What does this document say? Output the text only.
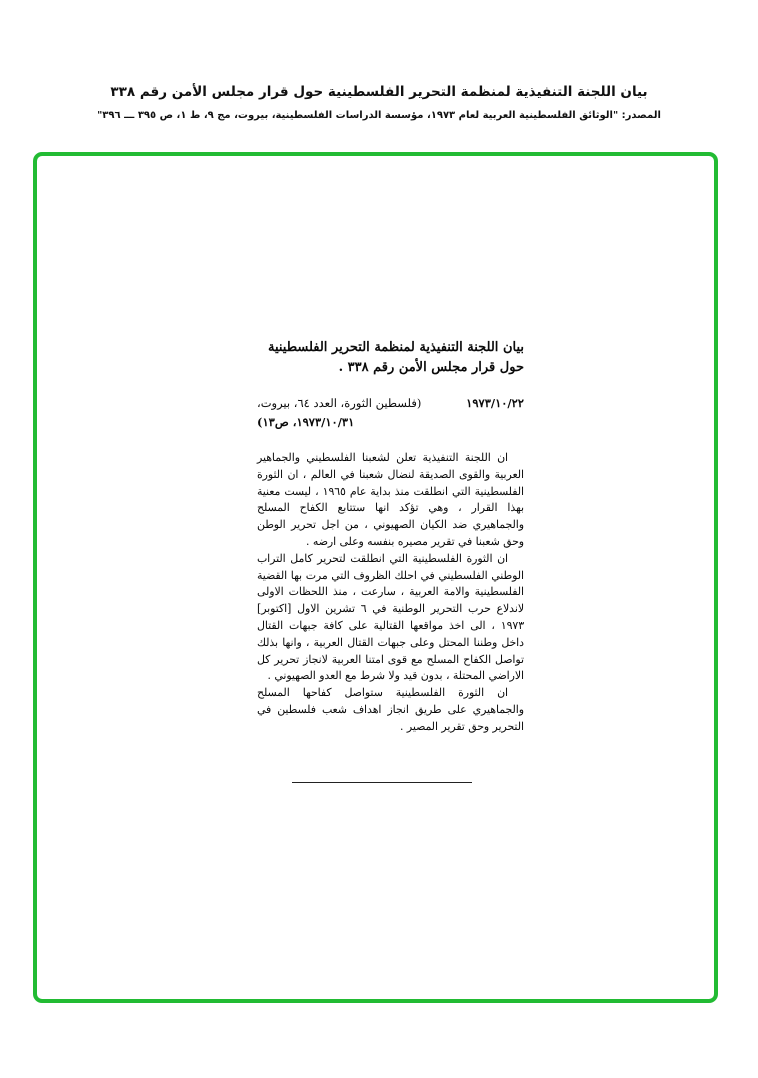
بيان اللجنة التنفيذية لمنظمة التحرير الفلسطينية حول قرار مجلس الأمن رقم ٣٣٨
المصدر: "الوثائق الفلسطينية العربية لعام ١٩٧٣، مؤسسة الدراسات الفلسطينية، بيروت، مج ٩، ط ١، ص ٣٩٥ ـــ ٣٩٦"
بيان اللجنة التنفيذية لمنظمة التحرير الفلسطينية حول قرار مجلس الأمن رقم ٣٣٨ .
١٩٧٣/١٠/٢٢
(فلسطين الثورة، العدد ٦٤، بيروت،
١٩٧٣/١٠/٣١، ص١٣)

ان اللجنة التنفيذية تعلن لشعبنا الفلسطيني والجماهير العربية والقوى الصديقة لنضال شعبنا في العالم ، ان الثورة الفلسطينية التي انطلقت منذ بداية عام ١٩٦٥ ، ليست معنية بهذا القرار ، وهي تؤكد انها ستتابع الكفاح المسلح والجماهيري ضد الكيان الصهيوني ، من اجل تحرير الوطن وحق شعبنا في تقرير مصيره بنفسه وعلى ارضه .

ان الثورة الفلسطينية التي انطلقت لتحرير كامل التراب الوطني الفلسطيني في احلك الظروف التي مرت بها القضية الفلسطينية والامة العربية ، سارعت ، منذ اللحظات الاولى لاندلاع حرب التحرير الوطنية في ٦ تشرين الاول [اكتوبر] ١٩٧٣ ، الى اخذ مواقعها القتالية على كافة جبهات القتال داخل وطننا المحتل وعلى جبهات القتال العربية ، وانها بذلك تواصل الكفاح المسلح مع قوى امتنا العربية لانجاز تحرير كل الاراضي المحتلة ، بدون قيد ولا شرط مع العدو الصهيوني .

ان الثورة الفلسطينية ستواصل كفاحها المسلح والجماهيري على طريق انجاز اهداف شعب فلسطين في التحرير وحق تقرير المصير .
